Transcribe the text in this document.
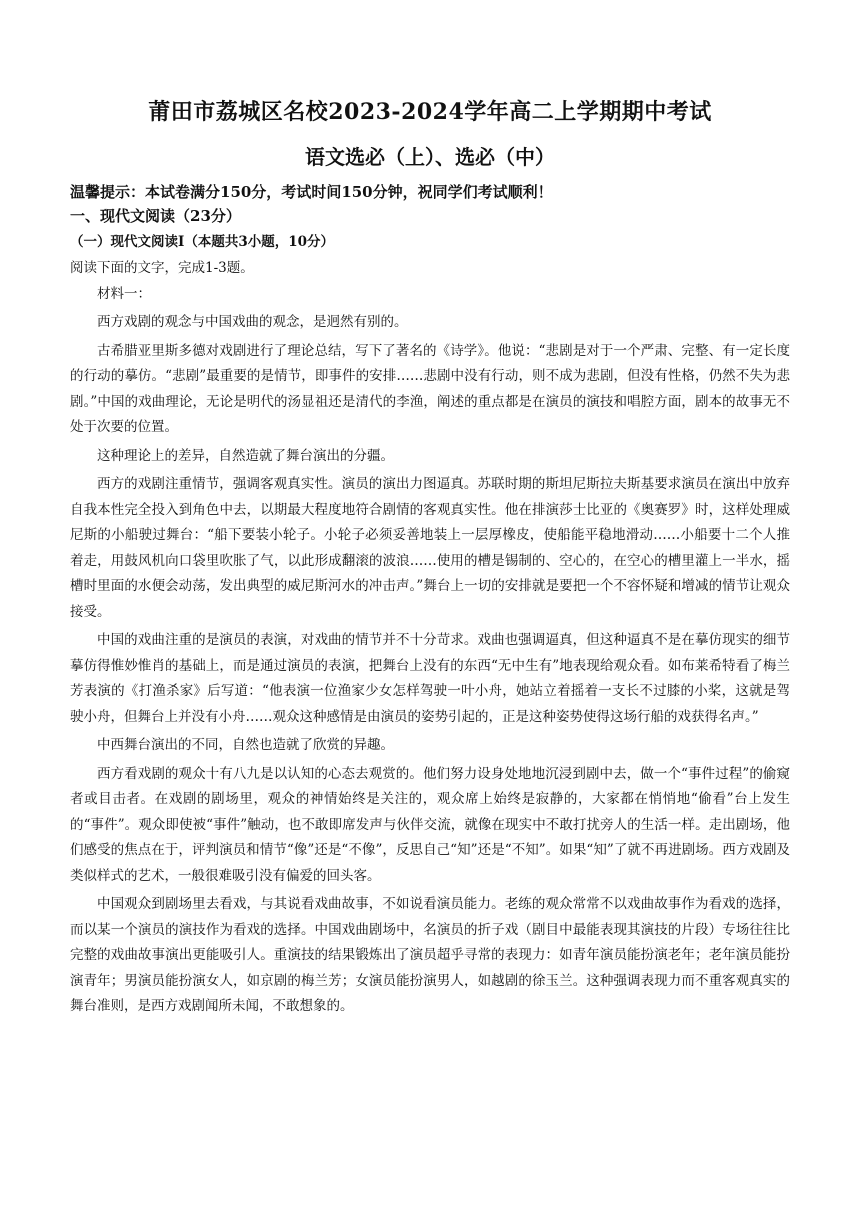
莆田市荔城区名校2023-2024学年高二上学期期中考试
语文选必（上）、选必（中）

温馨提示：本试卷满分150分，考试时间150分钟，祝同学们考试顺利！

一、现代文阅读（23分）

（一）现代文阅读Ⅰ（本题共3小题，10分）

阅读下面的文字，完成1-3题。

材料一：

西方戏剧的观念与中国戏曲的观念，是迥然有别的。

古希腊亚里斯多德对戏剧进行了理论总结，写下了著名的《诗学》。他说：“悲剧是对于一个严肃、完整、有一定长度的行动的摹仿。“悲剧”最重要的是情节，即事件的安排……悲剧中没有行动，则不成为悲剧，但没有性格，仍然不失为悲剧。”中国的戏曲理论，无论是明代的汤显祖还是清代的李渔，阐述的重点都是在演员的演技和唱腔方面，剧本的故事无不处于次要的位置。

这种理论上的差异，自然造就了舞台演出的分疆。

西方的戏剧注重情节，强调客观真实性。演员的演出力图逼真。苏联时期的斯坦尼斯拉夫斯基要求演员在演出中放弃自我本性完全投入到角色中去，以期最大程度地符合剧情的客观真实性。他在排演莎士比亚的《奥赛罗》时，这样处理威尼斯的小船驶过舞台：“船下要装小轮子。小轮子必须妥善地装上一层厚橡皮，使船能平稳地滑动……小船要十二个人推着走，用鼓风机向口袋里吹胀了气，以此形成翻滚的波浪……使用的槽是锡制的、空心的，在空心的槽里灌上一半水，摇槽时里面的水便会动荡，发出典型的威尼斯河水的冲击声。”舞台上一切的安排就是要把一个不容怀疑和增减的情节让观众接受。

中国的戏曲注重的是演员的表演，对戏曲的情节并不十分苛求。戏曲也强调逼真，但这种逼真不是在摹仿现实的细节摹仿得惟妙惟肖的基础上，而是通过演员的表演，把舞台上没有的东西“无中生有”地表现给观众看。如布莱希特看了梅兰芳表演的《打渔杀家》后写道：“他表演一位渔家少女怎样驾驶一叶小舟，她站立着摇着一支长不过膝的小桨，这就是驾驶小舟，但舞台上并没有小舟……观众这种感情是由演员的姿势引起的，正是这种姿势使得这场行船的戏获得名声。”

中西舞台演出的不同，自然也造就了欣赏的异趣。

西方看戏剧的观众十有八九是以认知的心态去观赏的。他们努力设身处地地沉浸到剧中去，做一个“事件过程”的偷窥者或目击者。在戏剧的剧场里，观众的神情始终是关注的，观众席上始终是寂静的，大家都在悄悄地“偷看”台上发生的“事件”。观众即使被“事件”触动，也不敢即席发声与伙伴交流，就像在现实中不敢打扰旁人的生活一样。走出剧场，他们感受的焦点在于，评判演员和情节“像”还是“不像”，反思自己“知”还是“不知”。如果“知”了就不再进剧场。西方戏剧及类似样式的艺术，一般很难吸引没有偏爱的回头客。

中国观众到剧场里去看戏，与其说看戏曲故事，不如说看演员能力。老练的观众常常不以戏曲故事作为看戏的选择，而以某一个演员的演技作为看戏的选择。中国戏曲剧场中，名演员的折子戏（剧目中最能表现其演技的片段）专场往往比完整的戏曲故事演出更能吸引人。重演技的结果锻炼出了演员超乎寻常的表现力：如青年演员能扮演老年；老年演员能扮演青年；男演员能扮演女人，如京剧的梅兰芳；女演员能扮演男人，如越剧的徐玉兰。这种强调表现力而不重客观真实的舞台准则，是西方戏剧闻所未闻，不敢想象的。
